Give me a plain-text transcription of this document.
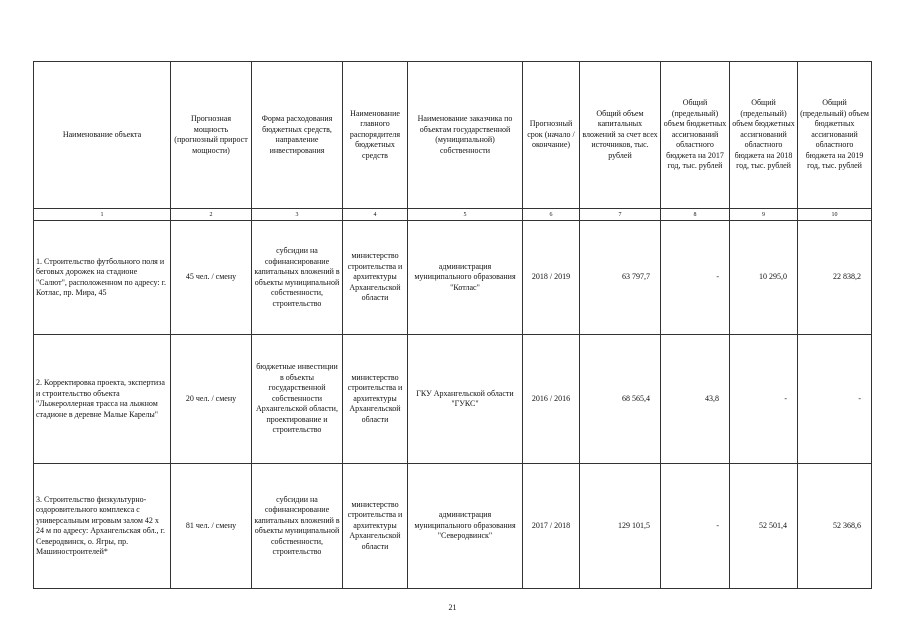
Наименование объекта	Прогнозная мощность (прогнозный прирост мощности)	Форма расходования бюджетных средств, направление инвестирования	Наименование главного распорядителя бюджетных средств	Наименование заказчика по объектам государственной (муниципальной) собственности	Прогнозный срок (начало / окончание)	Общий объем капитальных вложений за счет всех источников, тыс. рублей	Общий (предельный) объем бюджетных ассигнований областного бюджета на 2017 год, тыс. рублей	Общий (предельный) объем бюджетных ассигнований областного бюджета на 2018 год, тыс. рублей	Общий (предельный) объем бюджетных ассигнований областного бюджета на 2019 год, тыс. рублей
1	2	3	4	5	6	7	8	9	10
1. Строительство футбольного поля и беговых дорожек на стадионе "Салют", расположенном по адресу: г. Котлас, пр. Мира, 45	45 чел. / смену	субсидии на софинансирование капитальных вложений в объекты муниципальной собственности, строительство	министерство строительства и архитектуры Архангельской области	администрация муниципального образования "Котлас"	2018 / 2019	63 797,7	-	10 295,0	22 838,2
2. Корректировка проекта, экспертиза и строительство объекта "Лыжероллерная трасса на лыжном стадионе в деревне Малые Карелы"	20 чел. / смену	бюджетные инвестиции в объекты государственной собственности Архангельской области, проектирование и строительство	министерство строительства и архитектуры Архангельской области	ГКУ Архангельской области "ГУКС"	2016 / 2016	68 565,4	43,8	-	-
3. Строительство физкультурно-оздоровительного комплекса с универсальным игровым залом 42 х 24 м по адресу: Архангельская обл., г. Северодвинск, о. Ягры, пр. Машиностроителей*	81 чел. / смену	субсидии на софинансирование капитальных вложений в объекты муниципальной собственности, строительство	министерство строительства и архитектуры Архангельской области	администрация муниципального образования "Северодвинск"	2017 / 2018	129 101,5	-	52 501,4	52 368,6
21
